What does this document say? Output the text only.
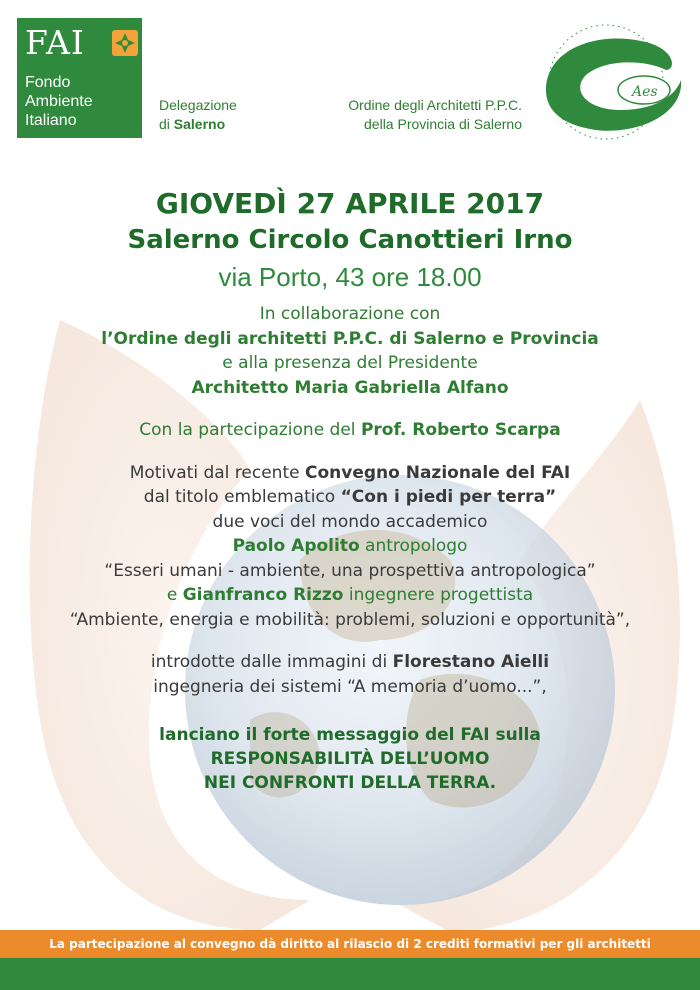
FAI
Fondo
Ambiente
Italiano
Delegazione
di Salerno
Ordine degli Architetti P.P.C.
della Provincia di Salerno
Aes

GIOVEDÌ 27 APRILE 2017

Salerno Circolo Canottieri Irno

via Porto, 43 ore 18.00

In collaborazione con

l’Ordine degli architetti P.P.C. di Salerno e Provincia

e alla presenza del Presidente

Architetto Maria Gabriella Alfano

Con la partecipazione del Prof. Roberto Scarpa

Motivati dal recente Convegno Nazionale del FAI

dal titolo emblematico “Con i piedi per terra”

due voci del mondo accademico

Paolo Apolito antropologo

“Esseri umani - ambiente, una prospettiva antropologica”

e Gianfranco Rizzo ingegnere progettista

“Ambiente, energia e mobilità: problemi, soluzioni e opportunità”,

introdotte dalle immagini di Florestano Aielli

ingegneria dei sistemi “A memoria d’uomo...”,

lanciano il forte messaggio del FAI sulla

RESPONSABILITÀ DELL’UOMO

NEI CONFRONTI DELLA TERRA.

La partecipazione al convegno dà diritto al rilascio di 2 crediti formativi per gli architetti
